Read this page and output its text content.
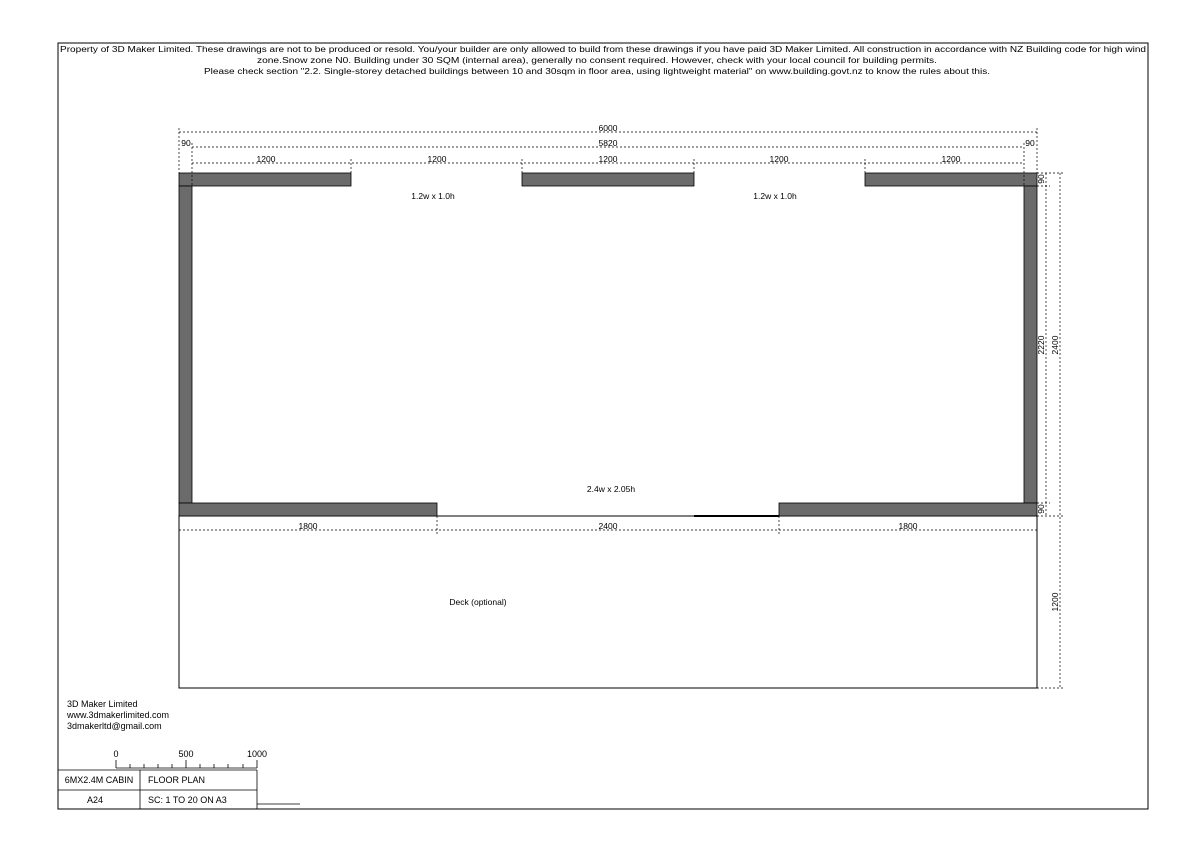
Property of 3D Maker Limited. These drawings are not to be produced or resold. You/your builder are only allowed to build from these drawings if you have paid 3D Maker Limited. All construction in accordance with NZ Building code for high wind
zone.Snow zone N0. Building under 30 SQM (internal area), generally no consent required. However, check with your local council for building permits.
Please check section "2.2. Single-storey detached buildings between 10 and 30sqm in floor area, using lightweight material" on www.building.govt.nz to know the rules about this.
Deck (optional)
1.2w x 1.0h	1.2w x 1.0h
2.4w x 2.05h
6000
5820
90	90
1200	1200	1200	1200	1200
1800	2400	1800
90
2220 2400
90
1200
3D Maker Limited
www.3dmakerlimited.com
3dmakerltd@gmail.com
0	500	1000
6MX2.4M CABIN FLOOR PLAN
A24	SC: 1 TO 20 ON A3
